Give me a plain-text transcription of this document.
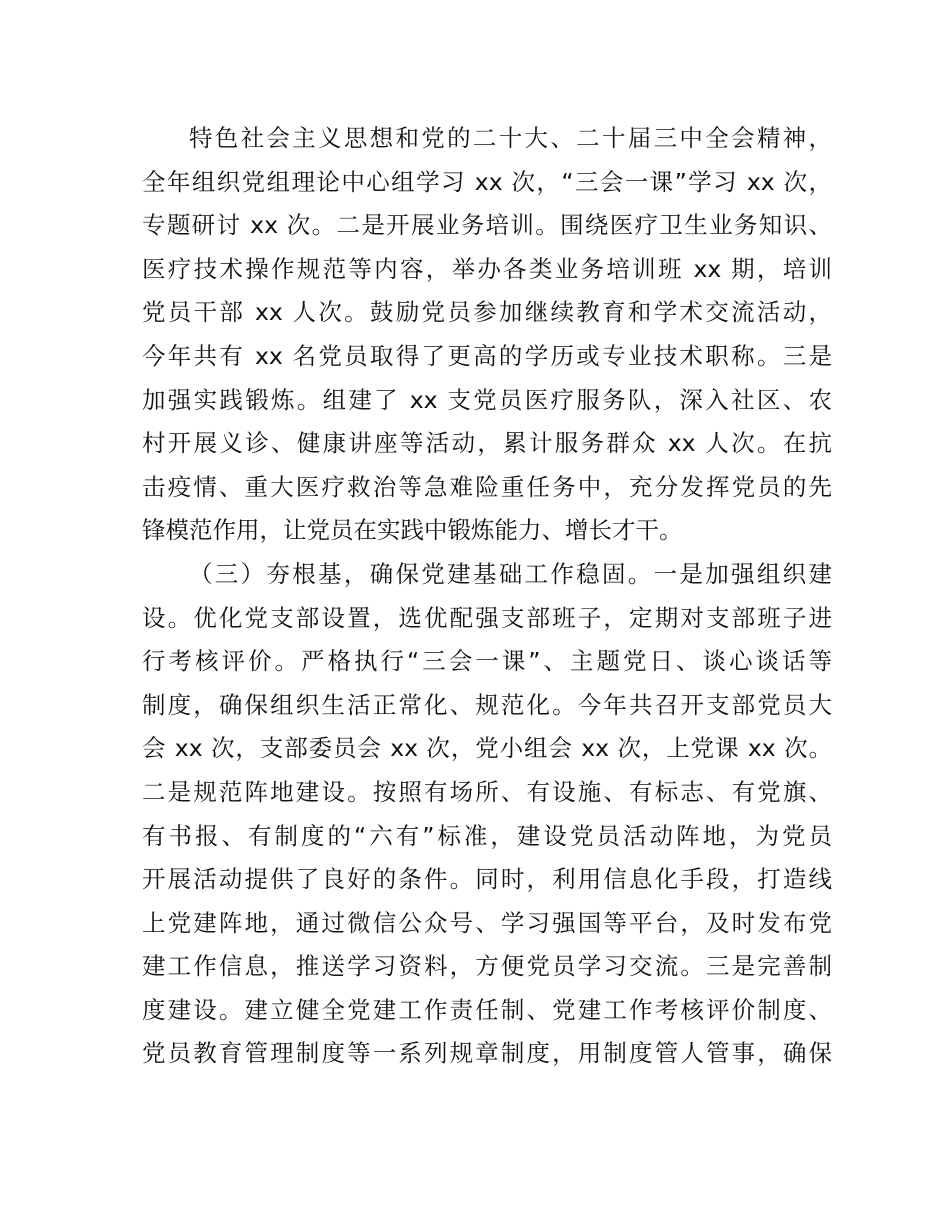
特色社会主义思想和党的二十大、二十届三中全会精神，
全年组织党组理论中心组学习 xx 次，“三会一课”学习 xx 次，
专题研讨 xx 次。二是开展业务培训。围绕医疗卫生业务知识、
医疗技术操作规范等内容，举办各类业务培训班 xx 期，培训
党员干部 xx 人次。鼓励党员参加继续教育和学术交流活动，
今年共有 xx 名党员取得了更高的学历或专业技术职称。三是
加强实践锻炼。组建了 xx 支党员医疗服务队，深入社区、农
村开展义诊、健康讲座等活动，累计服务群众 xx 人次。在抗
击疫情、重大医疗救治等急难险重任务中，充分发挥党员的先
锋模范作用，让党员在实践中锻炼能力、增长才干。
（三）夯根基，确保党建基础工作稳固。一是加强组织建
设。优化党支部设置，选优配强支部班子，定期对支部班子进
行考核评价。严格执行“三会一课”、主题党日、谈心谈话等
制度，确保组织生活正常化、规范化。今年共召开支部党员大
会 xx 次，支部委员会 xx 次，党小组会 xx 次，上党课 xx 次。
二是规范阵地建设。按照有场所、有设施、有标志、有党旗、
有书报、有制度的“六有”标准，建设党员活动阵地，为党员
开展活动提供了良好的条件。同时，利用信息化手段，打造线
上党建阵地，通过微信公众号、学习强国等平台，及时发布党
建工作信息，推送学习资料，方便党员学习交流。三是完善制
度建设。建立健全党建工作责任制、党建工作考核评价制度、
党员教育管理制度等一系列规章制度，用制度管人管事，确保
